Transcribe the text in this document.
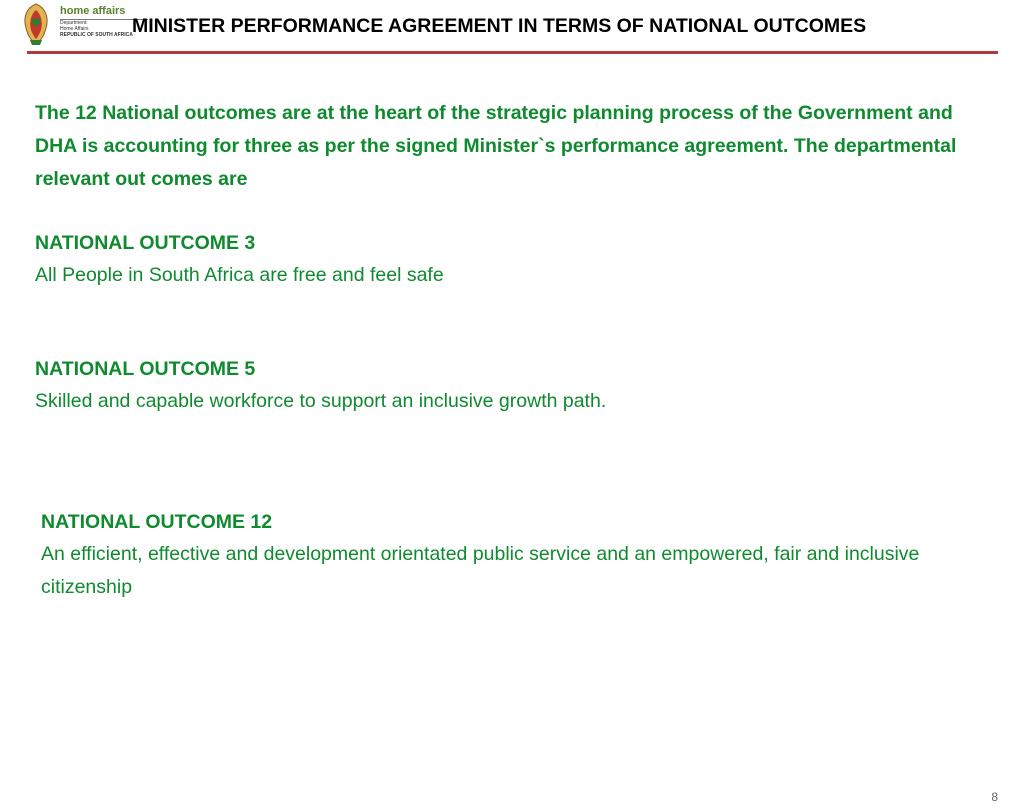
home affairs
Department:
Home Affairs
REPUBLIC OF SOUTH AFRICA MINISTER PERFORMANCE AGREEMENT IN TERMS OF NATIONAL OUTCOMES
The 12 National outcomes are at the heart of the strategic planning process of the Government and DHA is accounting for three as per the signed Minister`s performance agreement. The departmental relevant out comes are
NATIONAL OUTCOME 3
All People in South Africa are free and feel safe
NATIONAL OUTCOME 5
Skilled and capable workforce to support an inclusive growth path.
NATIONAL OUTCOME 12
An efficient, effective and development orientated public service and an empowered, fair and inclusive citizenship
8
